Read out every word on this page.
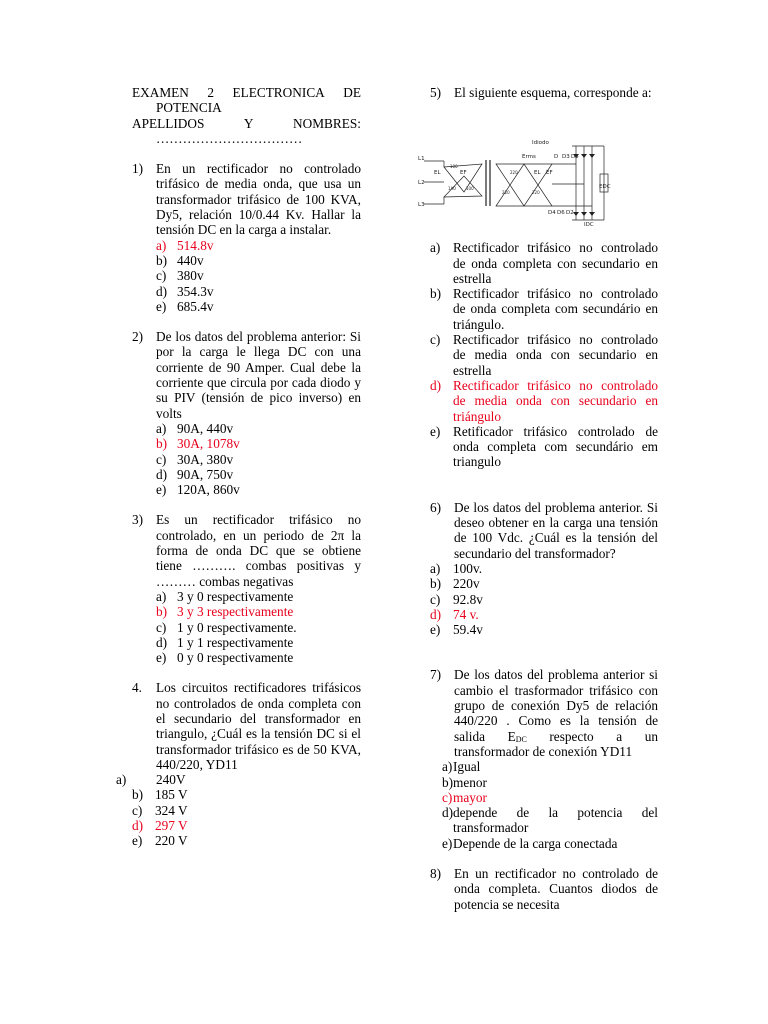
EXAMEN 2 ELECTRONICA DE
POTENCIA
APELLIDOS	Y	NOMBRES:
……………………………
1) En un rectificador no controlado trifásico de media onda, que usa un transformador trifásico de 100 KVA, Dy5, relación 10/0.44 Kv. Hallar la tensión DC en la carga a instalar.
a) 514.8v
b) 440v
c) 380v
d) 354.3v
e) 685.4v
2) De los datos del problema anterior: Si por la carga le llega DC con una corriente de 90 Amper. Cual debe la corriente que circula por cada diodo y su PIV (tensión de pico inverso) en volts
a) 90A, 440v
b) 30A, 1078v
c) 30A, 380v
d) 90A, 750v
e) 120A, 860v
3) Es un rectificador trifásico no controlado, en un periodo de 2π la forma de onda DC que se obtiene tiene ………. combas positivas y ……… combas negativas
a) 3 y 0 respectivamente
b) 3 y 3 respectivamente
c) 1 y 0 respectivamente.
d) 1 y 1 respectivamente
e) 0 y 0 respectivamente
4. Los circuitos rectificadores trifásicos no controlados de onda completa con el secundario del transformador en triangulo, ¿Cuál es la tensión DC si el transformador trifásico es de 50 KVA, 440/220, YD11
a) 240V
b) 185 V
c) 324 V
d) 297 V
e) 220 V
5) El siguiente esquema, corresponde a:
a) Rectificador trifásico no controlado de onda completa con secundario en estrella
b) Rectificador trifásico no controlado de onda completa com secundário en triángulo.
c) Rectificador trifásico no controlado de media onda con secundario en estrella
d) Rectificador trifásico no controlado de media onda con secundario en triángulo
e) Retificador trifásico controlado de onda completa com secundário em triangulo
6) De los datos del problema anterior. Si deseo obtener en la carga una tensión de 100 Vdc. ¿Cuál es la tensión del secundario del transformador?
a) 100v.
b) 220v
c) 92.8v
d) 74 v.
e) 59.4v
7) De los datos del problema anterior si cambio el trasformador trifásico con grupo de conexión Dy5 de relación 440/220 . Como es la tensión de salida $E_{DC}$ respecto a un transformador de conexión YD11
a) Igual
b) menor
c) mayor
d) depende de la potencia del transformador
e) Depende de la carga conectada
8) En un rectificador no controlado de onda completa. Cuantos diodos de potencia se necesita
L1
L2
L3
EL	EF	EL EF
Idiodo
Erms	D D3 D5
D4 D6 D2
EDC
IDC
100
1A0	100
220
220	220
